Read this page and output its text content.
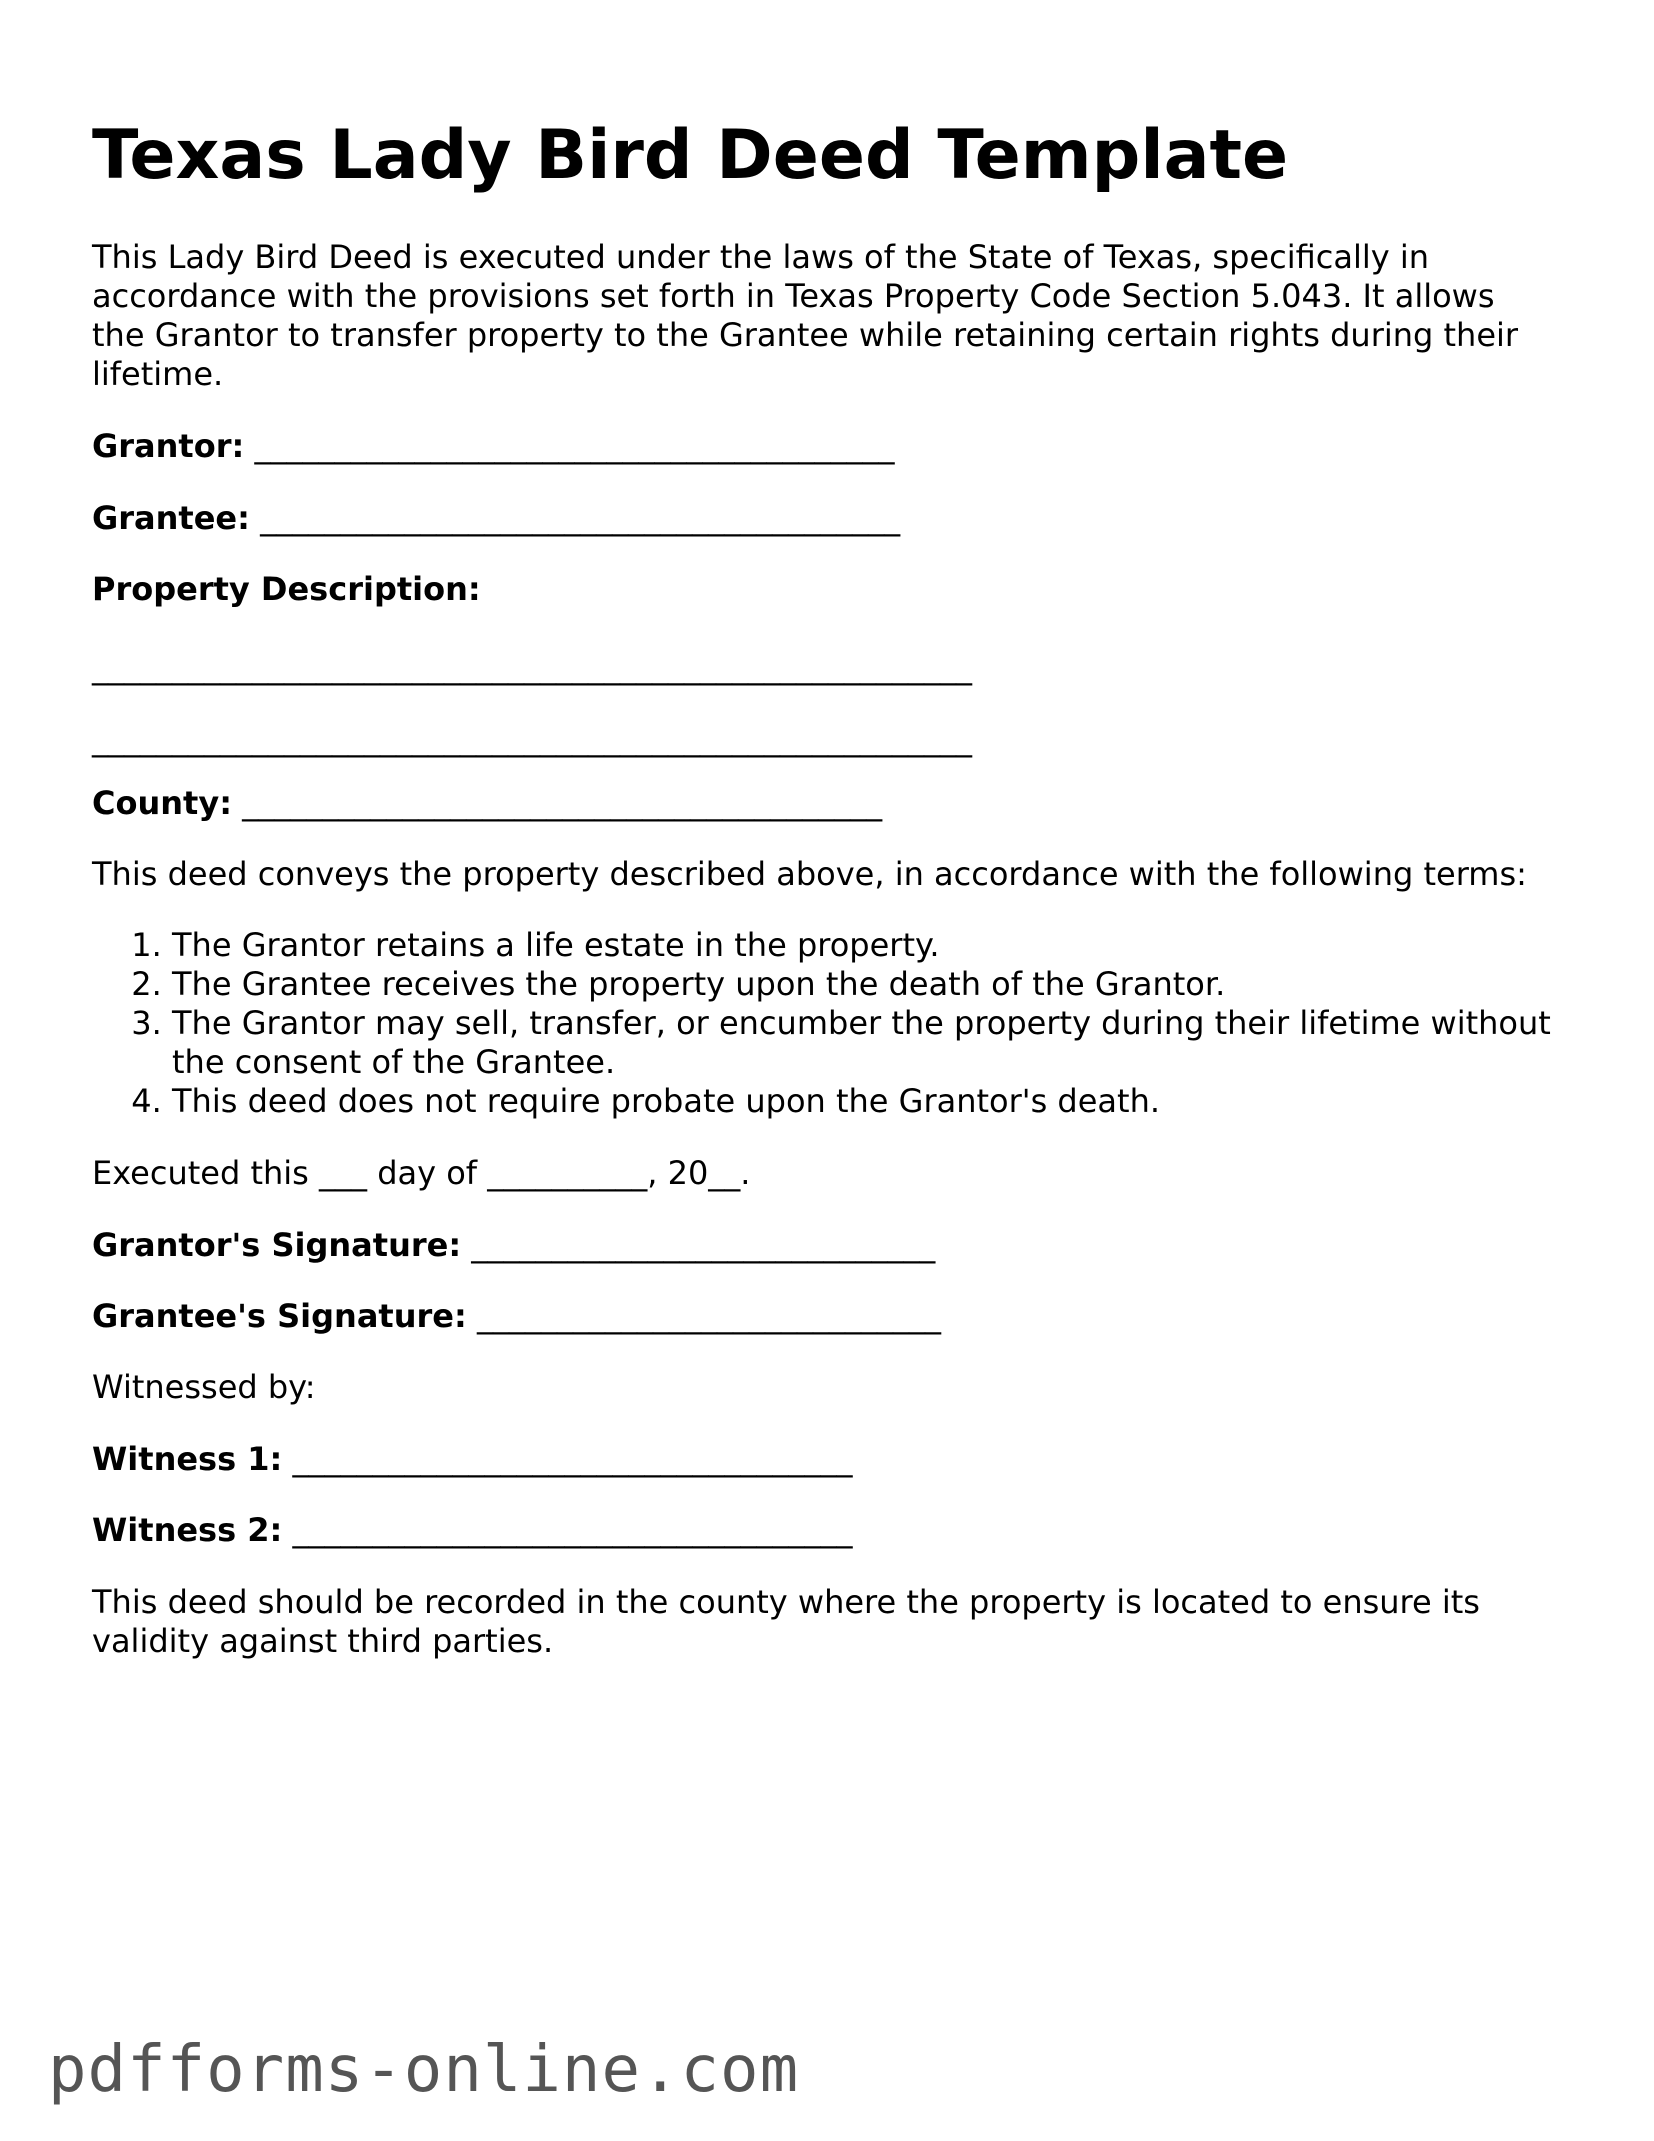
Texas Lady Bird Deed Template

This Lady Bird Deed is executed under the laws of the State of Texas, specifically in accordance with the provisions set forth in Texas Property Code Section 5.043. It allows the Grantor to transfer property to the Grantee while retaining certain rights during their lifetime.

Grantor: ________________________________________
Grantee: ________________________________________
Property Description:
_______________________________________________________
_______________________________________________________
County: ________________________________________

This deed conveys the property described above, in accordance with the following terms:

1. The Grantor retains a life estate in the property.
2. The Grantee receives the property upon the death of the Grantor.
3. The Grantor may sell, transfer, or encumber the property during their lifetime without the consent of the Grantee.
4. This deed does not require probate upon the Grantor's death.

Executed this ___ day of __________, 20__.

Grantor's Signature: _____________________________
Grantee's Signature: _____________________________

Witnessed by:

Witness 1: ___________________________________
Witness 2: ___________________________________

This deed should be recorded in the county where the property is located to ensure its validity against third parties.

pdfforms-online.com
